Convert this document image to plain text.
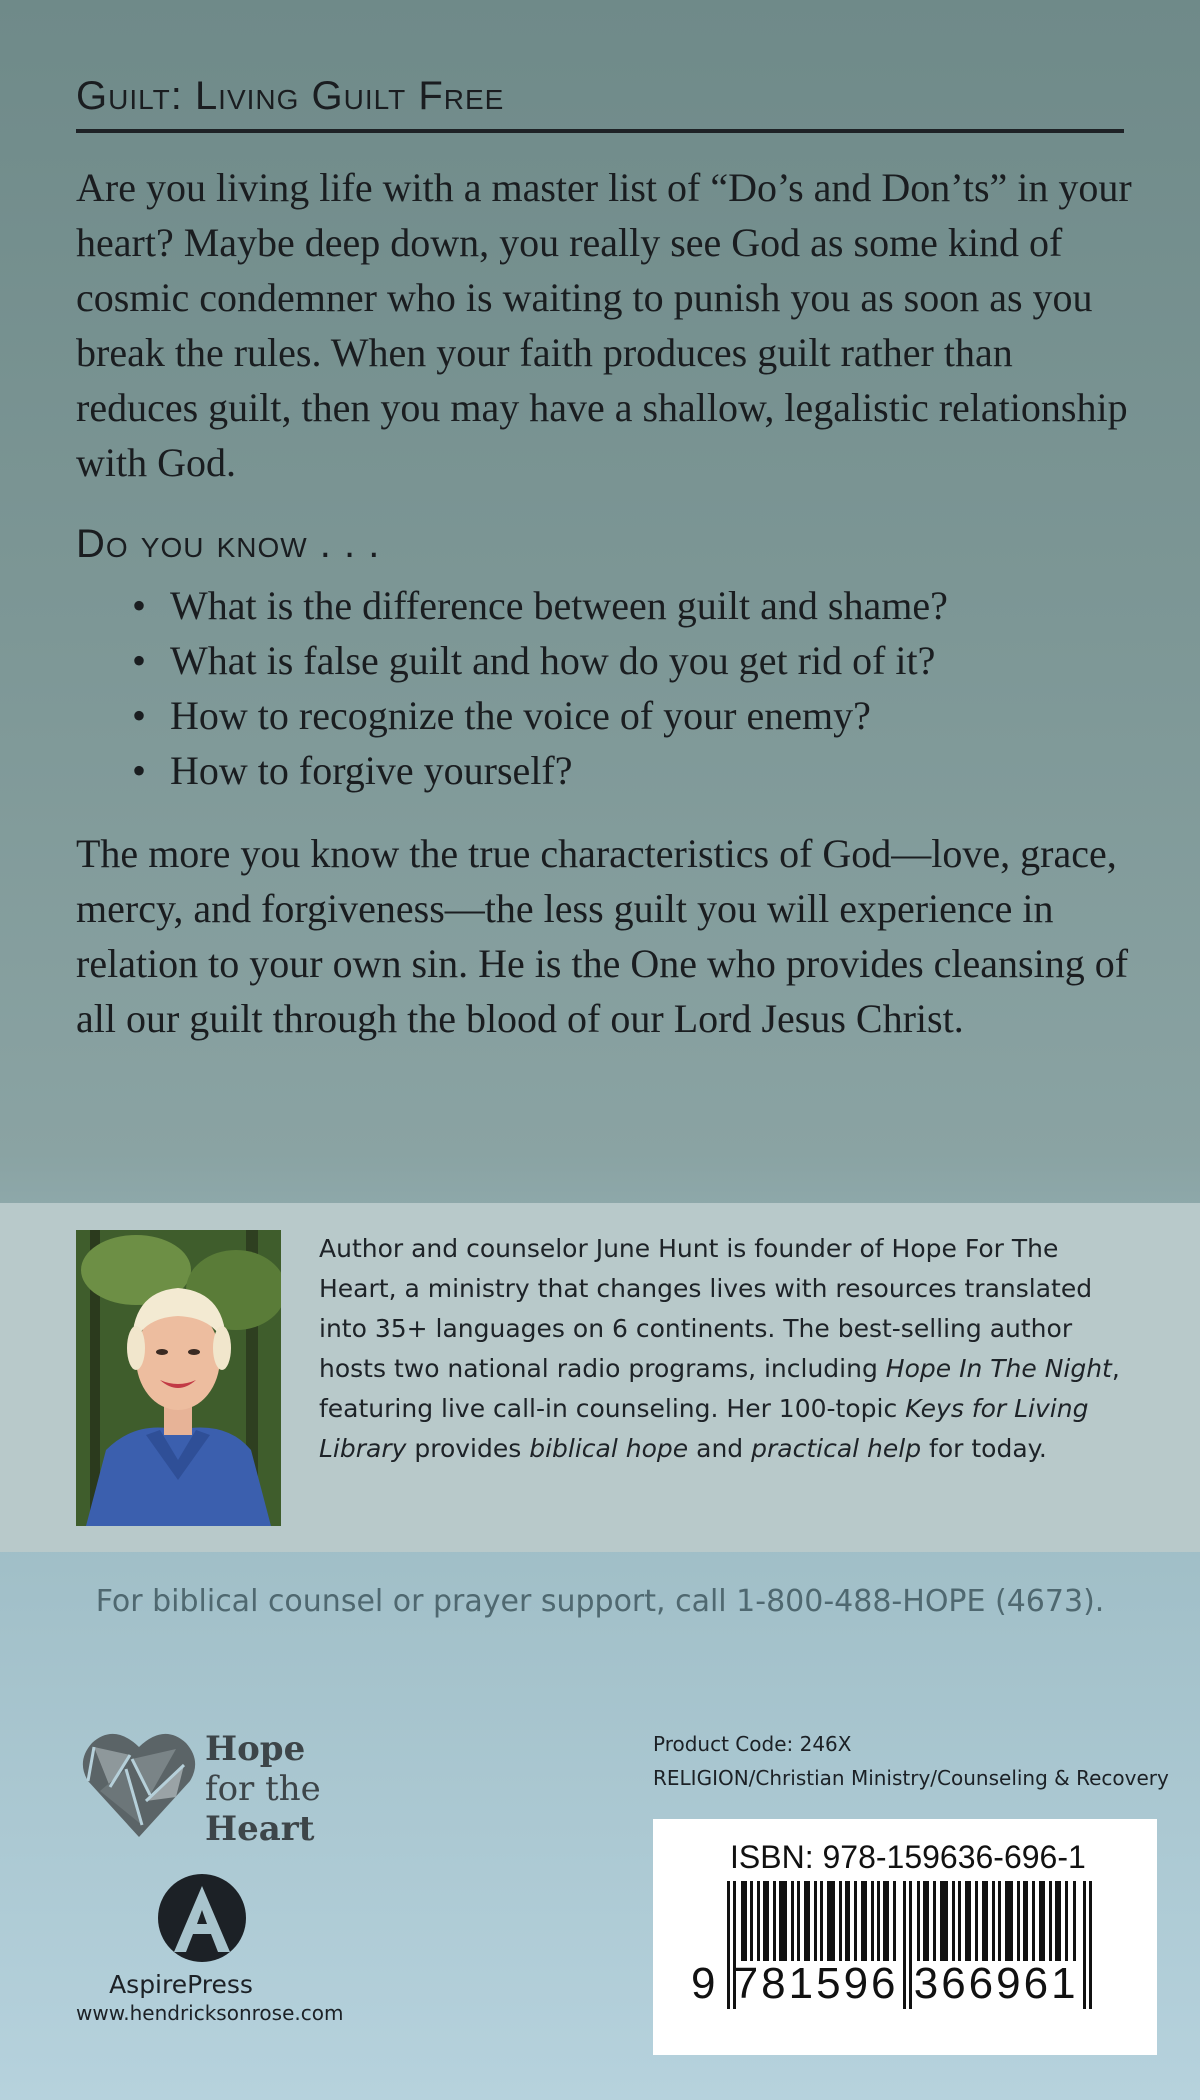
Guilt: Living Guilt Free
Are you living life with a master list of “Do’s and Don’ts” in your heart? Maybe deep down, you really see God as some kind of cosmic condemner who is waiting to punish you as soon as you break the rules. When your faith produces guilt rather than reduces guilt, then you may have a shallow, legalistic relationship with God.
Do you know . . .
• What is the difference between guilt and shame?
• What is false guilt and how do you get rid of it?
• How to recognize the voice of your enemy?
• How to forgive yourself?
The more you know the true characteristics of God—love, grace, mercy, and forgiveness—the less guilt you will experience in relation to your own sin. He is the One who provides cleansing of all our guilt through the blood of our Lord Jesus Christ.
Author and counselor June Hunt is founder of Hope For The Heart, a ministry that changes lives with resources translated into 35+ languages on 6 continents. The best-selling author hosts two national radio programs, including Hope In The Night, featuring live call-in counseling. Her 100-topic Keys for Living Library provides biblical hope and practical help for today.
For biblical counsel or prayer support, call 1-800-488-HOPE (4673).
Hope
for the
Heart
AspirePress
www.hendricksonrose.com
Product Code: 246X
RELIGION/Christian Ministry/Counseling & Recovery
ISBN: 978-159636-696-1
9 781596 366961
